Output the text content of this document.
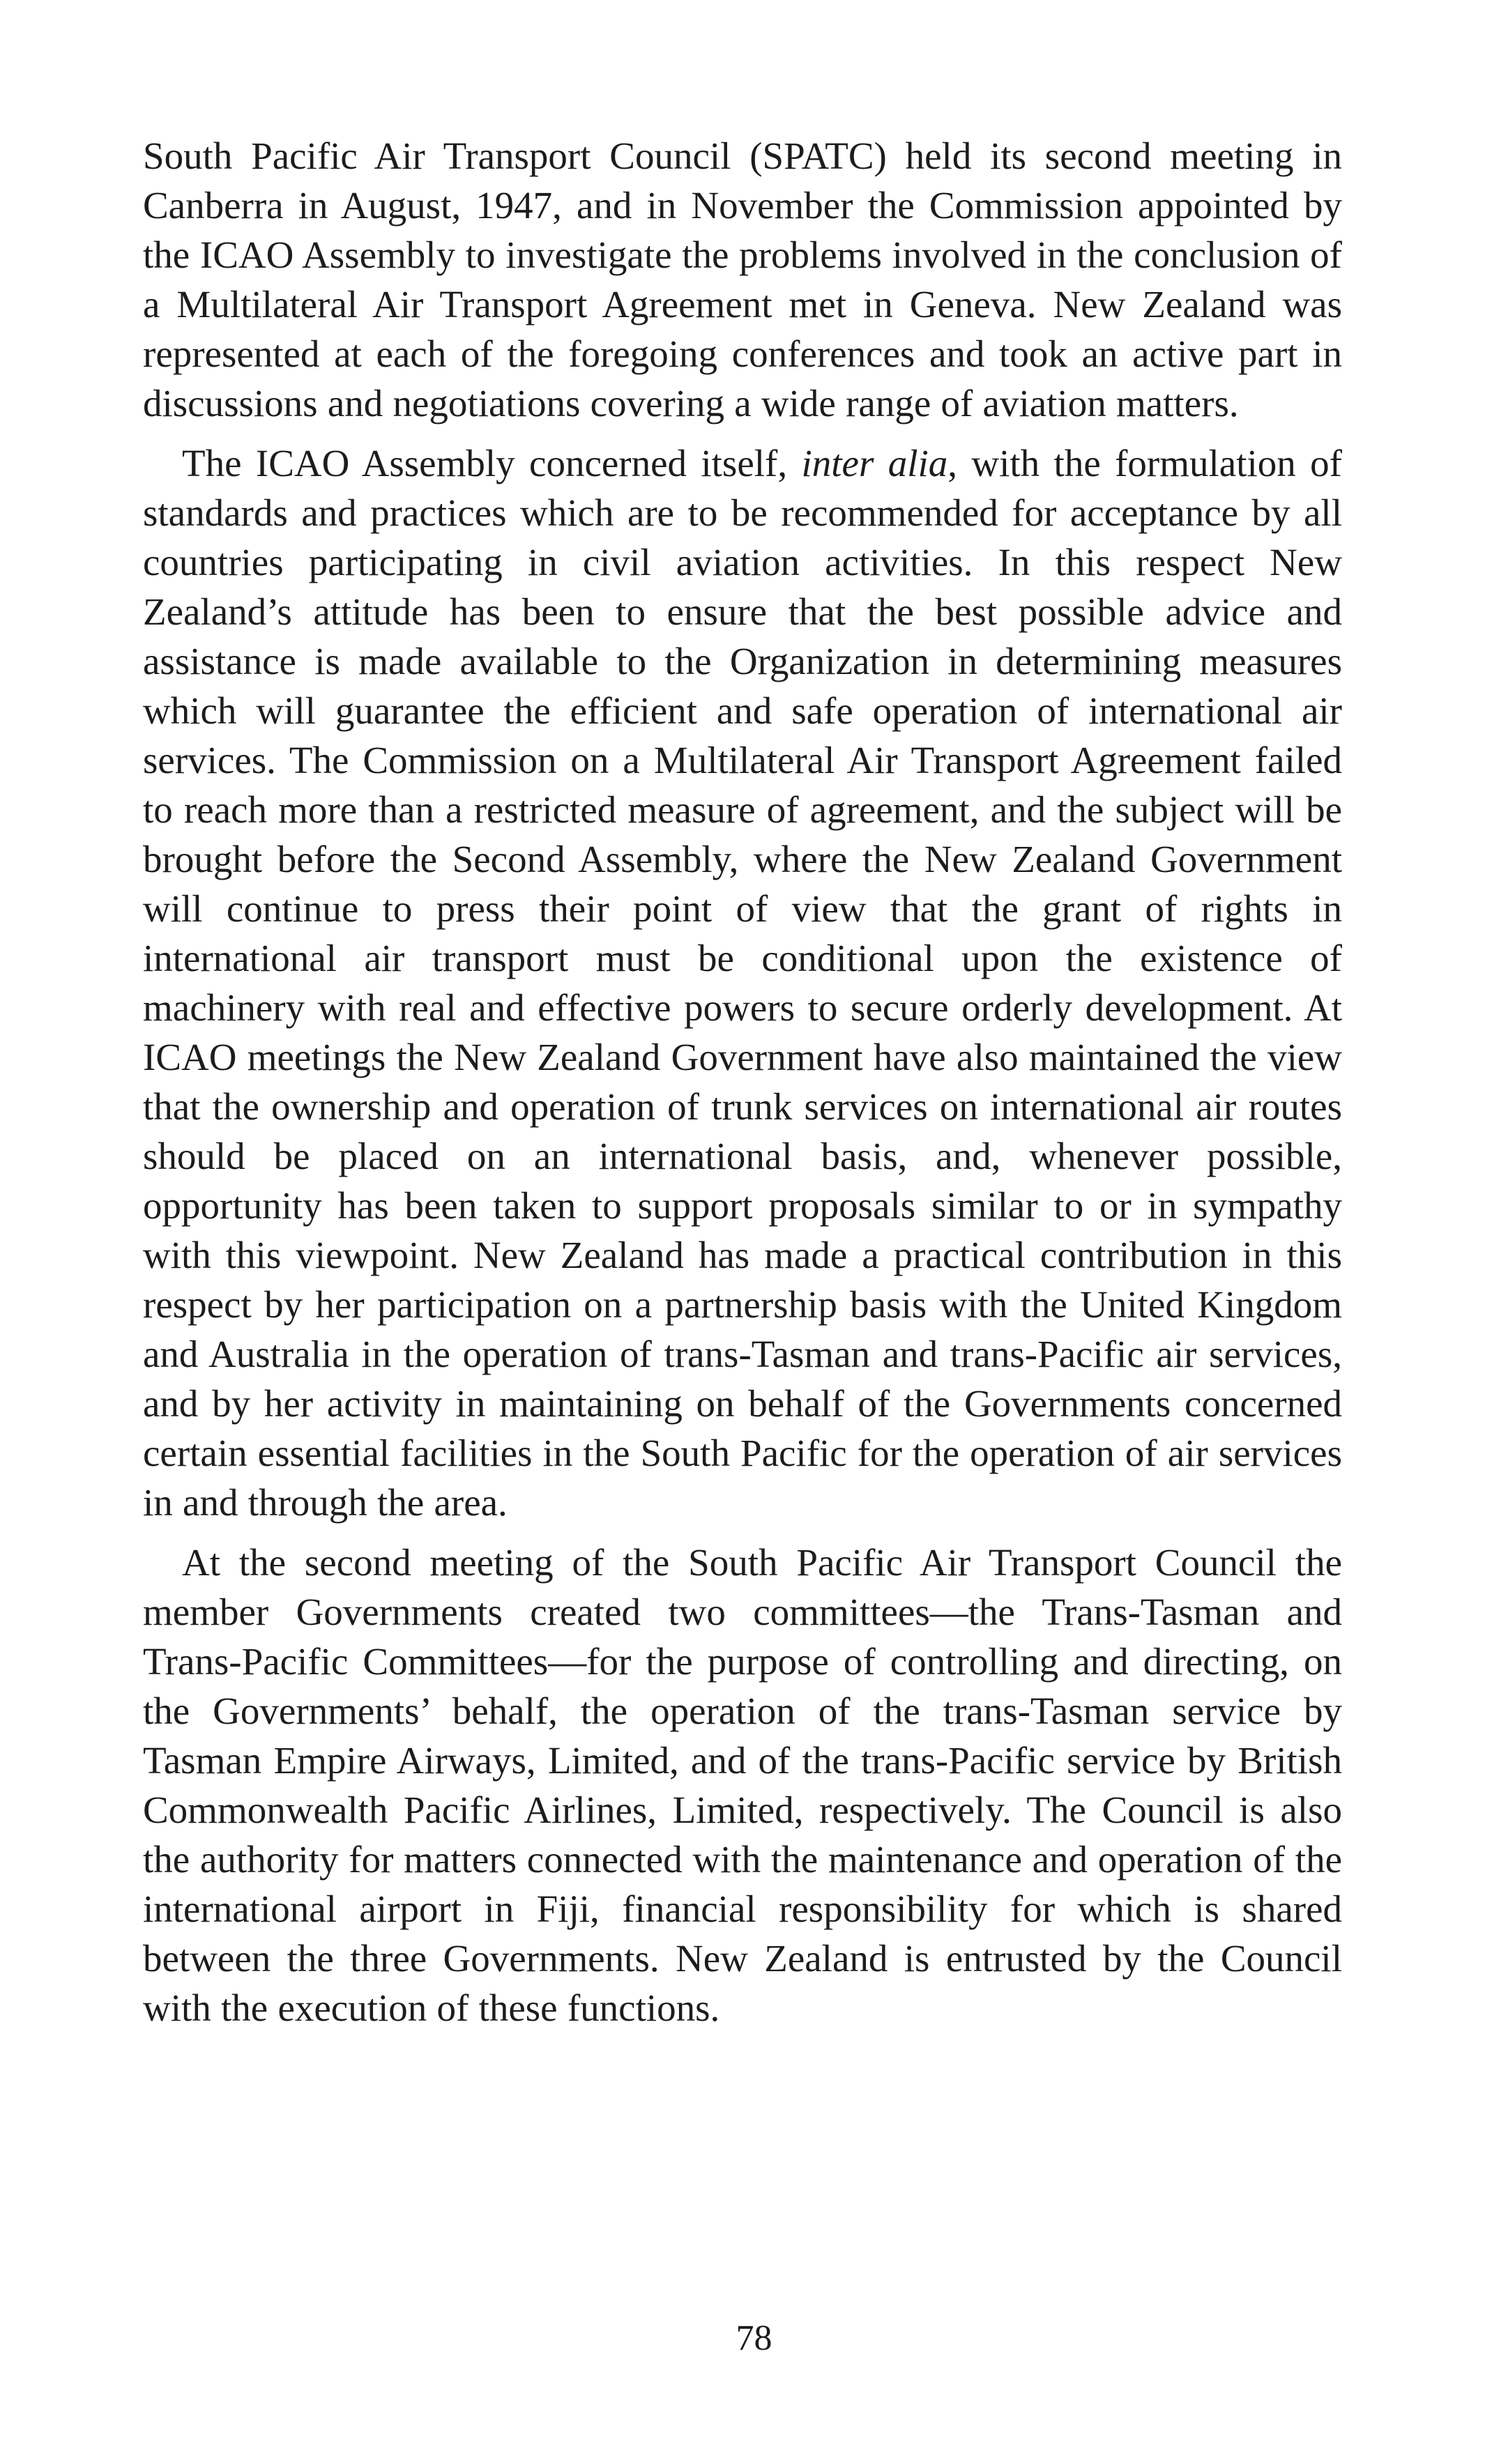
South Pacific Air Transport Council (SPATC) held its second meeting in Canberra in August, 1947, and in November the Commission appointed by the ICAO Assembly to investigate the problems involved in the conclusion of a Multilateral Air Transport Agreement met in Geneva. New Zealand was represented at each of the foregoing conferences and took an active part in discussions and negotiations covering a wide range of aviation matters.

The ICAO Assembly concerned itself, inter alia, with the formulation of standards and practices which are to be recommended for acceptance by all countries participating in civil aviation activities. In this respect New Zealand’s attitude has been to ensure that the best possible advice and assistance is made available to the Organization in determining measures which will guarantee the efficient and safe operation of international air services. The Commission on a Multilateral Air Transport Agreement failed to reach more than a restricted measure of agreement, and the subject will be brought before the Second Assembly, where the New Zealand Government will continue to press their point of view that the grant of rights in international air transport must be conditional upon the existence of machinery with real and effective powers to secure orderly development. At ICAO meetings the New Zealand Government have also maintained the view that the ownership and operation of trunk services on international air routes should be placed on an international basis, and, whenever possible, opportunity has been taken to support proposals similar to or in sympathy with this viewpoint. New Zealand has made a practical contribution in this respect by her participation on a partnership basis with the United Kingdom and Australia in the operation of trans-Tasman and trans-Pacific air services, and by her activity in maintaining on behalf of the Governments concerned certain essential facilities in the South Pacific for the operation of air services in and through the area.

At the second meeting of the South Pacific Air Transport Council the member Governments created two committees—the Trans-Tasman and Trans-Pacific Committees—for the purpose of controlling and directing, on the Governments’ behalf, the operation of the trans-Tasman service by Tasman Empire Airways, Limited, and of the trans-Pacific service by British Commonwealth Pacific Airlines, Limited, respectively. The Council is also the authority for matters connected with the maintenance and operation of the international airport in Fiji, financial responsibility for which is shared between the three Governments. New Zealand is entrusted by the Council with the execution of these functions.

78
